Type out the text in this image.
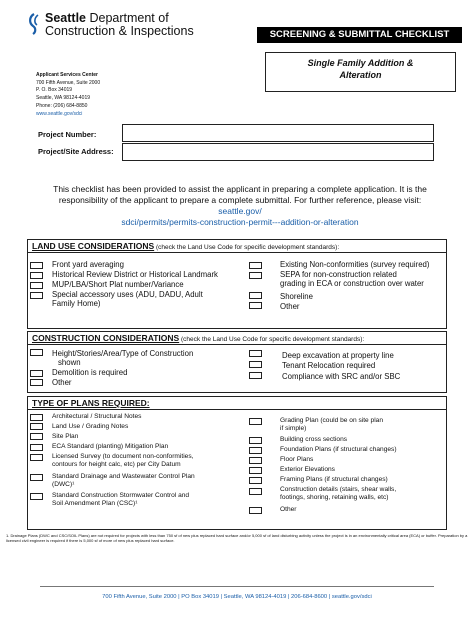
Seattle Department of
Construction & Inspections	SCREENING & SUBMITTAL CHECKLIST
Single Family Addition &
Alteration
Applicant Services Center
700 Fifth Avenue, Suite 2000
P. O. Box 34019
Seattle, WA 98124-4019
Phone: (206) 684-8850
www.seattle.gov/sdci
Project Number:
Project/Site Address:
This checklist has been provided to assist the applicant in preparing a complete application. It is the responsibility of the applicant to prepare a complete submittal. For further reference, please visit: seattle.gov/
sdci/permits/permits-construction-permit---addition-or-alteration
LAND USE CONSIDERATIONS (check the Land Use Code for specific development standards):
Front yard averaging
Historical Review District or Historical Landmark
MUP/LBA/Short Plat number/Variance
Special accessory uses (ADU, DADU, Adult
Family Home)
Existing Non-conformities (survey required)
SEPA for non-construction related
grading in ECA or construction over water
Shoreline
Other
CONSTRUCTION CONSIDERATIONS (check the Land Use Code for specific development standards):
Height/Stories/Area/Type of Construction
shown
Demolition is required
Other
Deep excavation at property line
Tenant Relocation required
Compliance with SRC and/or SBC
TYPE OF PLANS REQUIRED:
Architectural / Structural Notes
Land Use / Grading Notes
Site Plan
ECA Standard (planting) Mitigation Plan
Licensed Survey (to document non-conformities,
contours for height calc, etc) per City Datum
Standard Drainage and Wastewater Control Plan
(DWC)¹
Standard Construction Stormwater Control and
Soil Amendment Plan (CSC)¹
Grading Plan (could be on site plan
if simple)
Building cross sections
Foundation Plans (if structural changes)
Floor Plans
Exterior Elevations
Framing Plans (if structural changes)
Construction details (stairs, shear walls,
footings, shoring, retaining walls, etc)
Other
1. Drainage Plans (DWC and CSC/SOIL Plans) are not required for projects with less than 750 sf of new plus replaced hard surface and/or 5,000 sf of land disturbing activity unless the project is in an environmentally critical area (ECA) or buffer. Preparation by a licensed civil engineer is required if there is 5,000 sf of more of new plus replaced hard surface.
700 Fifth Avenue, Suite 2000 | PO Box 34019 | Seattle, WA 98124-4019 | 206-684-8600 | seattle.gov/sdci
